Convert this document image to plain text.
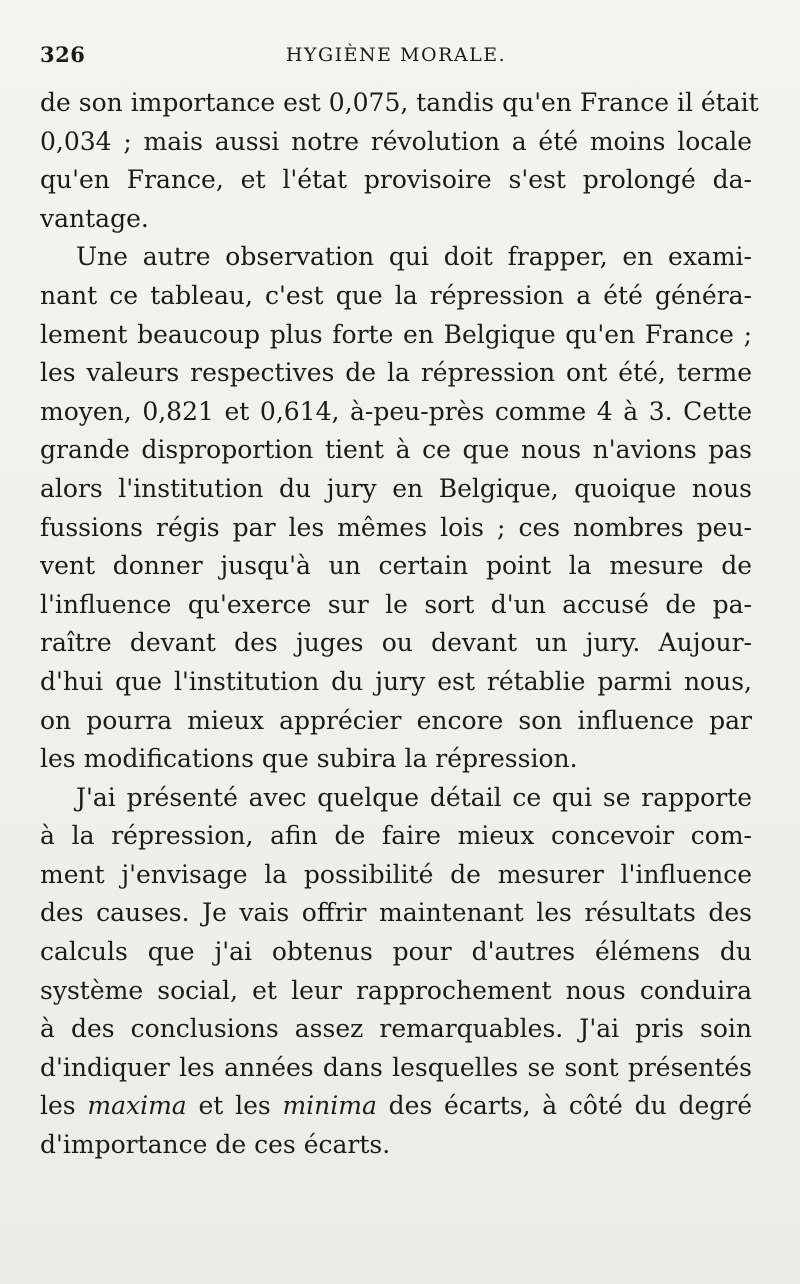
326	HYGIÈNE MORALE.
de son importance est 0,075, tandis qu'en France il était
0,034 ; mais aussi notre révolution a été moins locale
qu'en France, et l'état provisoire s'est prolongé da-
vantage.
Une autre observation qui doit frapper, en exami-
nant ce tableau, c'est que la répression a été généra-
lement beaucoup plus forte en Belgique qu'en France ;
les valeurs respectives de la répression ont été, terme
moyen, 0,821 et 0,614, à-peu-près comme 4 à 3. Cette
grande disproportion tient à ce que nous n'avions pas
alors l'institution du jury en Belgique, quoique nous
fussions régis par les mêmes lois ; ces nombres peu-
vent donner jusqu'à un certain point la mesure de
l'influence qu'exerce sur le sort d'un accusé de pa-
raître devant des juges ou devant un jury. Aujour-
d'hui que l'institution du jury est rétablie parmi nous,
on pourra mieux apprécier encore son influence par
les modifications que subira la répression.
J'ai présenté avec quelque détail ce qui se rapporte
à la répression, afin de faire mieux concevoir com-
ment j'envisage la possibilité de mesurer l'influence
des causes. Je vais offrir maintenant les résultats des
calculs que j'ai obtenus pour d'autres élémens du
système social, et leur rapprochement nous conduira
à des conclusions assez remarquables. J'ai pris soin
d'indiquer les années dans lesquelles se sont présentés
les maxima et les minima des écarts, à côté du degré
d'importance de ces écarts.
